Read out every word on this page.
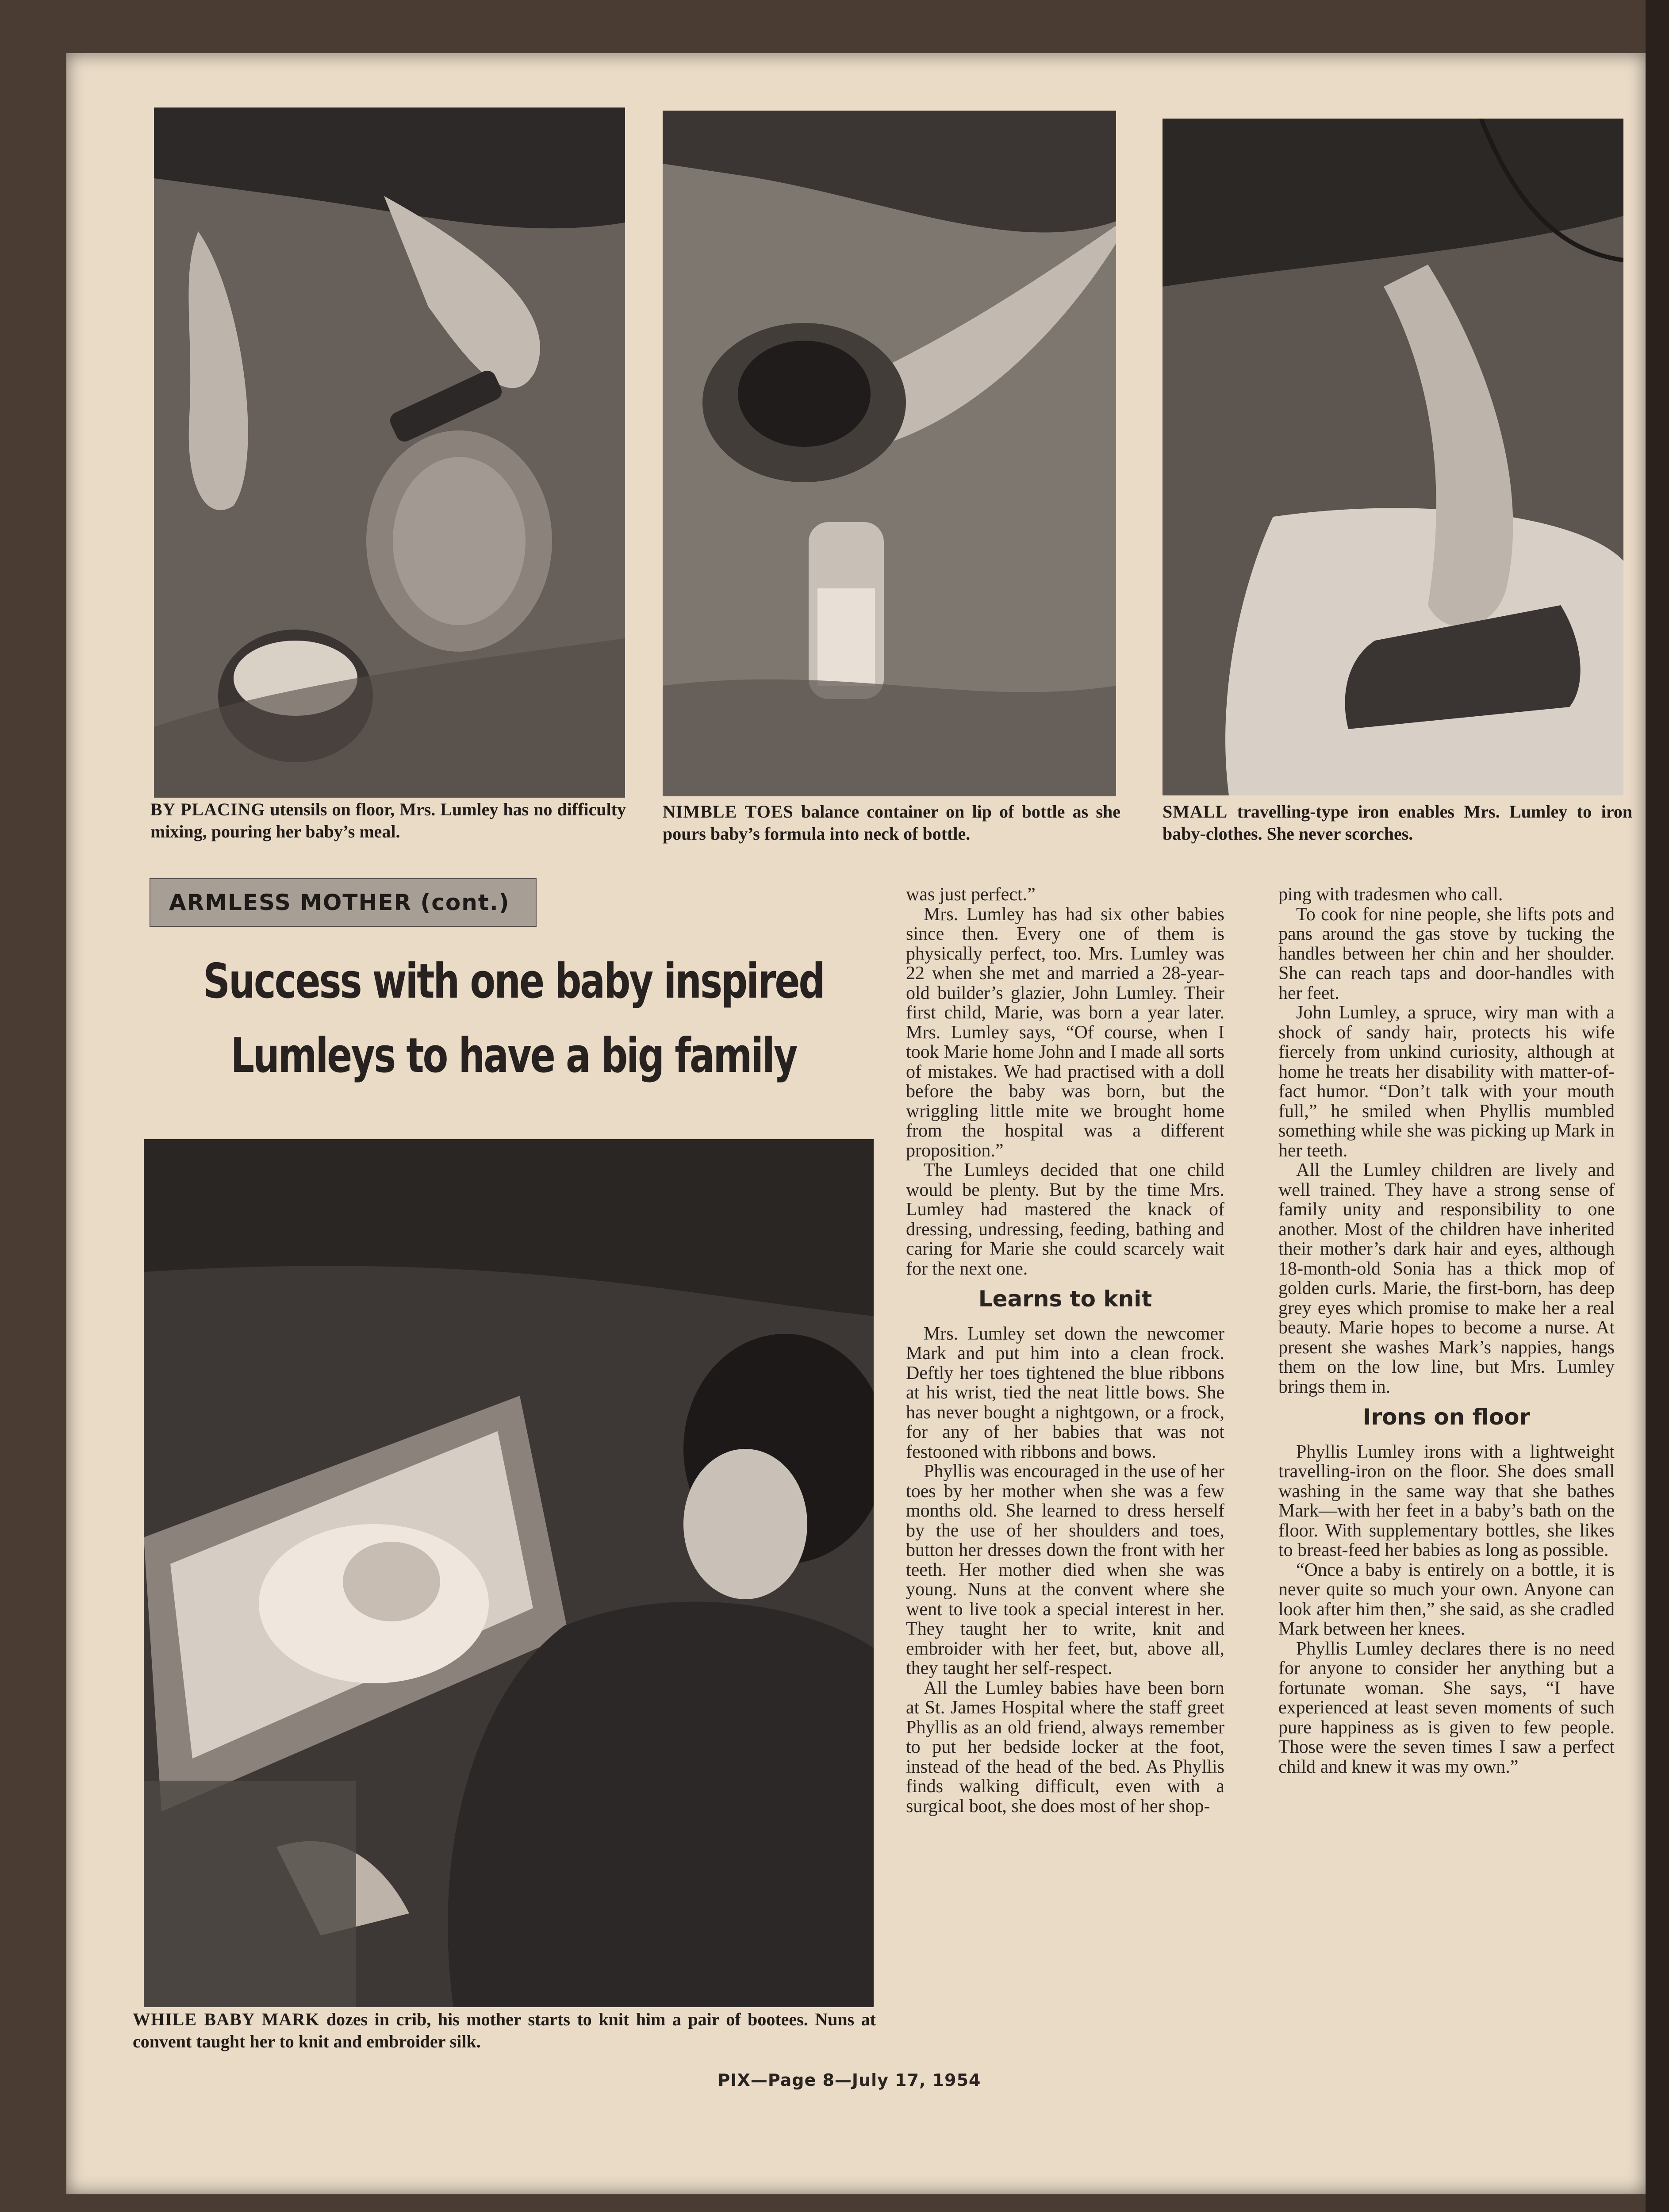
BY PLACING utensils on floor, Mrs. Lumley has no difficulty mixing, pouring her baby’s meal.
NIMBLE TOES balance container on lip of bottle as she pours baby’s formula into neck of bottle.
SMALL travelling-type iron enables Mrs. Lumley to iron baby-clothes. She never scorches.
ARMLESS MOTHER (cont.)
Success with one baby inspired
Lumleys to have a big family
WHILE BABY MARK dozes in crib, his mother starts to knit him a pair of bootees. Nuns at convent taught her to knit and embroider silk.

was just perfect.”

Mrs. Lumley has had six other babies since then. Every one of them is physically perfect, too. Mrs. Lumley was 22 when she met and married a 28-year-old builder’s glazier, John Lumley. Their first child, Marie, was born a year later. Mrs. Lumley says, “Of course, when I took Marie home John and I made all sorts of mistakes. We had practised with a doll before the baby was born, but the wriggling little mite we brought home from the hospital was a different proposition.”

The Lumleys decided that one child would be plenty. But by the time Mrs. Lumley had mastered the knack of dressing, undressing, feeding, bathing and caring for Marie she could scarcely wait for the next one.

Learns to knit

Mrs. Lumley set down the newcomer Mark and put him into a clean frock. Deftly her toes tightened the blue ribbons at his wrist, tied the neat little bows. She has never bought a nightgown, or a frock, for any of her babies that was not festooned with ribbons and bows.

Phyllis was encouraged in the use of her toes by her mother when she was a few months old. She learned to dress herself by the use of her shoulders and toes, button her dresses down the front with her teeth. Her mother died when she was young. Nuns at the convent where she went to live took a special interest in her. They taught her to write, knit and embroider with her feet, but, above all, they taught her self-respect.

All the Lumley babies have been born at St. James Hospital where the staff greet Phyllis as an old friend, always remember to put her bedside locker at the foot, instead of the head of the bed. As Phyllis finds walking difficult, even with a surgical boot, she does most of her shop-

ping with tradesmen who call.

To cook for nine people, she lifts pots and pans around the gas stove by tucking the handles between her chin and her shoulder. She can reach taps and door-handles with her feet.

John Lumley, a spruce, wiry man with a shock of sandy hair, protects his wife fiercely from unkind curiosity, although at home he treats her disability with matter-of-fact humor. “Don’t talk with your mouth full,” he smiled when Phyllis mumbled something while she was picking up Mark in her teeth.

All the Lumley children are lively and well trained. They have a strong sense of family unity and responsibility to one another. Most of the children have inherited their mother’s dark hair and eyes, although 18-month-old Sonia has a thick mop of golden curls. Marie, the first-born, has deep grey eyes which promise to make her a real beauty. Marie hopes to become a nurse. At present she washes Mark’s nappies, hangs them on the low line, but Mrs. Lumley brings them in.

Irons on floor

Phyllis Lumley irons with a lightweight travelling-iron on the floor. She does small washing in the same way that she bathes Mark—with her feet in a baby’s bath on the floor. With supplementary bottles, she likes to breast-feed her babies as long as possible.

“Once a baby is entirely on a bottle, it is never quite so much your own. Anyone can look after him then,” she said, as she cradled Mark between her knees.

Phyllis Lumley declares there is no need for anyone to consider her anything but a fortunate woman. She says, “I have experienced at least seven moments of such pure happiness as is given to few people. Those were the seven times I saw a perfect child and knew it was my own.”

PIX—Page 8—July 17, 1954
